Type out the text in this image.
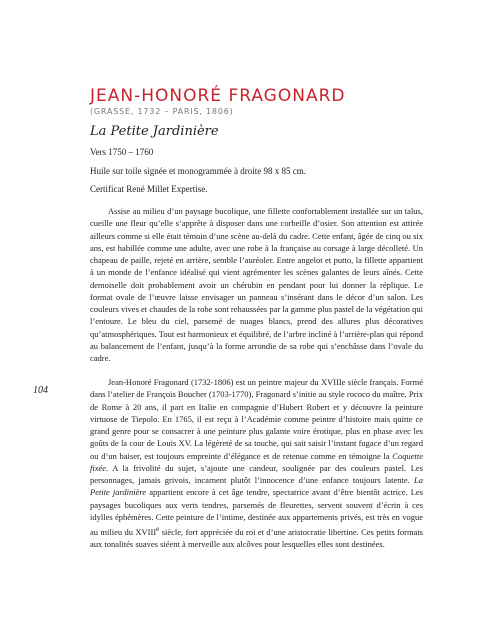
JEAN-HONORÉ FRAGONARD
(GRASSE, 1732 – PARIS, 1806)
La Petite Jardinière
Vers 1750 – 1760
Huile sur toile signée et monogrammée à droite 98 x 85 cm.
Certificat René Millet Expertise.

Assise au milieu d’un paysage bucolique, une fillette confortablement installée sur un talus, cueille une fleur qu’elle s’apprête à disposer dans une corbeille d’osier. Son attention est attirée ailleurs comme si elle était témoin d’une scène au-delà du cadre. Cette enfant, âgée de cinq ou six ans, est habillée comme une adulte, avec une robe à la française au corsage à large décolleté. Un chapeau de paille, rejeté en arrière, semble l’auréoler. Entre angelot et putto, la fillette appartient à un monde de l’enfance idéalisé qui vient agrémenter les scènes galantes de leurs aînés. Cette demoiselle doit probablement avoir un chérubin en pendant pour lui donner la réplique. Le format ovale de l’œuvre laisse envisager un panneau s’insérant dans le décor d’un salon. Les couleurs vives et chaudes de la robe sont rehaussées par la gamme plus pastel de la végétation qui l’entoure. Le bleu du ciel, parsemé de nuages blancs, prend des allures plus décoratives qu’atmosphériques. Tout est harmonieux et équilibré, de l’arbre incliné à l’arrière-plan qui répond au balancement de l’enfant, jusqu’à la forme arrondie de sa robe qui s’enchâsse dans l’ovale du cadre.

104

Jean-Honoré Fragonard (1732-1806) est un peintre majeur du XVIIIe siècle français. Formé dans l’atelier de François Boucher (1703-1770), Fragonard s’initie au style rococo du maître. Prix de Rome à 20 ans, il part en Italie en compagnie d’Hubert Robert et y découvre la peinture virtuose de Tiepolo. En 1765, il est reçu à l’Académie comme peintre d’histoire mais quitte ce grand genre pour se consacrer à une peinture plus galante voire érotique, plus en phase avec les goûts de la cour de Louis XV. La légèreté de sa touche, qui sait saisir l’instant fugace d’un regard ou d’un baiser, est toujours empreinte d’élégance et de retenue comme en témoigne la Coquette fixée. A la frivolité du sujet, s’ajoute une candeur, soulignée par des couleurs pastel. Les personnages, jamais grivois, incarnent plutôt l’innocence d’une enfance toujours latente. La Petite jardinière appartient encore à cet âge tendre, spectatrice avant d’être bientôt actrice. Les paysages bucoliques aux verts tendres, parsemés de fleurettes, servent souvent d’écrin à ces idylles éphémères. Cette peinture de l’intime, destinée aux appartements privés, est très en vogue au milieu du XVIIIe siècle, fort appréciée du roi et d’une aristocratie libertine. Ces petits formats aux tonalités suaves siéent à merveille aux alcôves pour lesquelles elles sont destinées.
